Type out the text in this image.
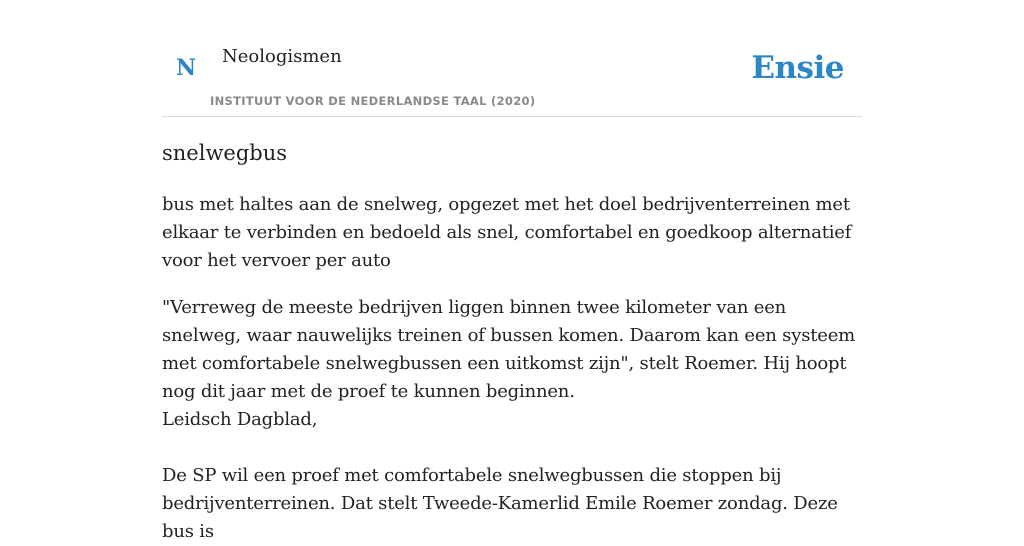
N Neologismen
INSTITUUT VOOR DE NEDERLANDSE TAAL (2020)
Ensie
snelwegbus

bus met haltes aan de snelweg, opgezet met het doel bedrijventerreinen met elkaar te verbinden en bedoeld als snel, comfortabel en goedkoop alternatief voor het vervoer per auto

"Verreweg de meeste bedrijven liggen binnen twee kilometer van een snelweg, waar nauwelijks treinen of bussen komen. Daarom kan een systeem met comfortabele snelwegbussen een uitkomst zijn", stelt Roemer. Hij hoopt nog dit jaar met de proef te kunnen beginnen.
Leidsch Dagblad,
De SP wil een proef met comfortabele snelwegbussen die stoppen bij bedrijventerreinen. Dat stelt Tweede-Kamerlid Emile Roemer zondag. Deze bus is
